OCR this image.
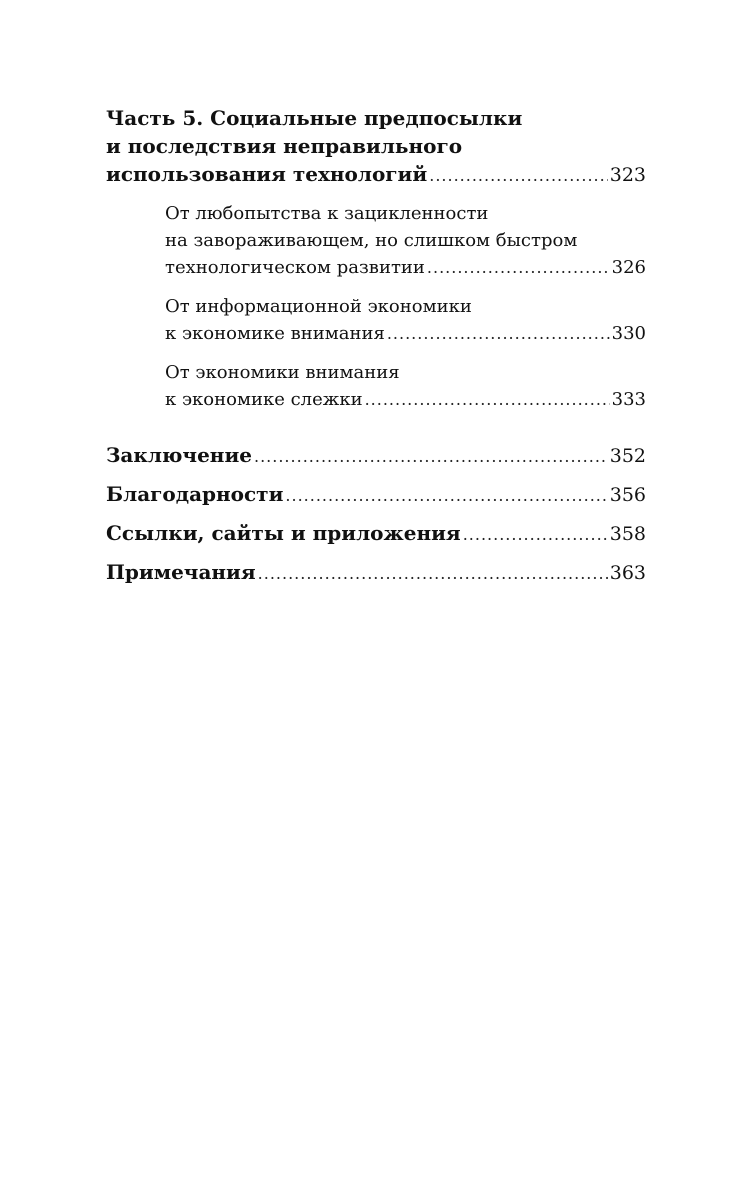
Часть 5. Социальные предпосылки
и последствия неправильного
использования технологий .....	323
От любопытства к зацикленности
на завораживающем, но слишком быстром
технологическом развитии .....	326
От информационной экономики
к экономике внимания .....	330
От экономики внимания
к экономике слежки .....	333
Заключение .....	352
Благодарности .....	356
Ссылки, сайты и приложения .....	358
Примечания .....	363
